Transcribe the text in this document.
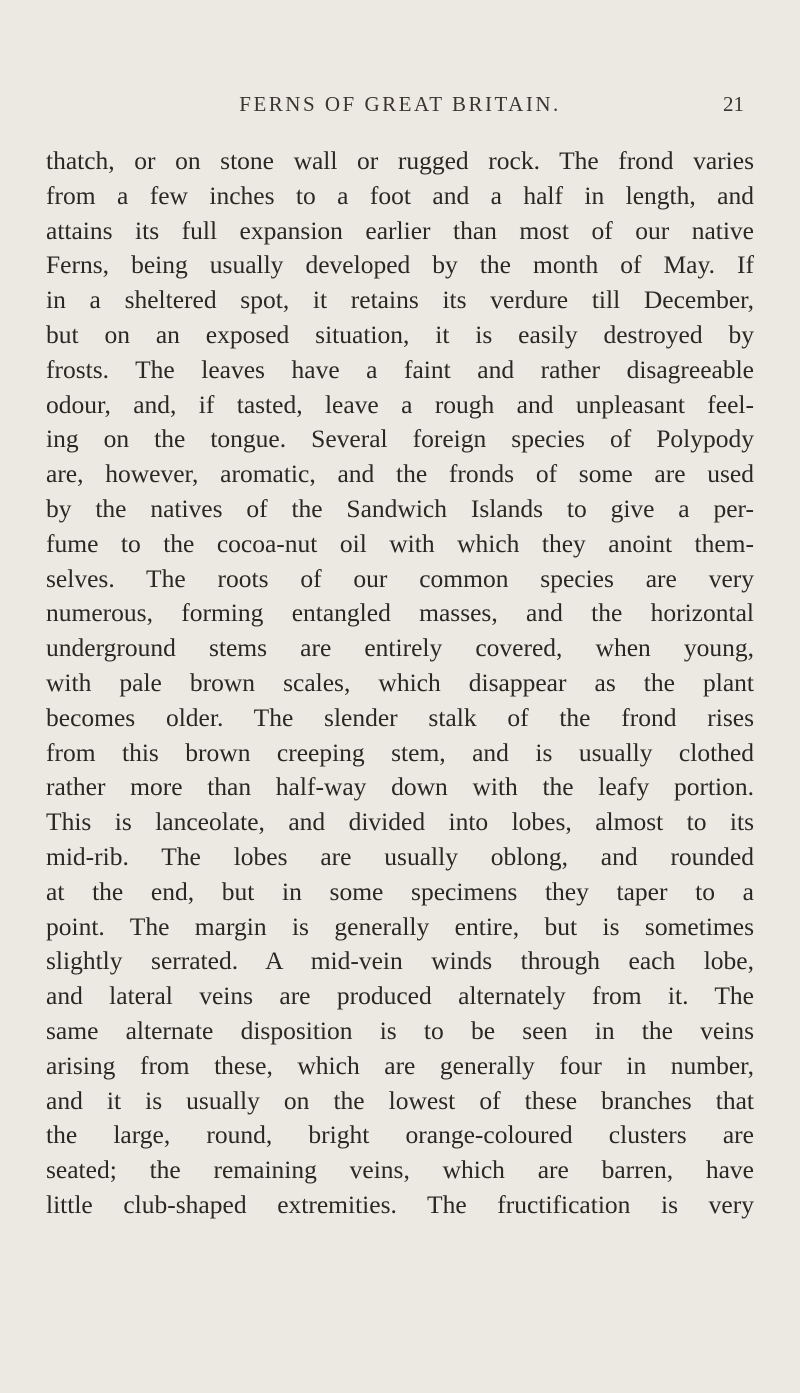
FERNS OF GREAT BRITAIN.	21
thatch, or on stone wall or rugged rock. The frond varies
from a few inches to a foot and a half in length, and
attains its full expansion earlier than most of our native
Ferns, being usually developed by the month of May. If
in a sheltered spot, it retains its verdure till December,
but on an exposed situation, it is easily destroyed by
frosts. The leaves have a faint and rather disagreeable
odour, and, if tasted, leave a rough and unpleasant feel-
ing on the tongue. Several foreign species of Polypody
are, however, aromatic, and the fronds of some are used
by the natives of the Sandwich Islands to give a per-
fume to the cocoa-nut oil with which they anoint them-
selves. The roots of our common species are very
numerous, forming entangled masses, and the horizontal
underground stems are entirely covered, when young,
with pale brown scales, which disappear as the plant
becomes older. The slender stalk of the frond rises
from this brown creeping stem, and is usually clothed
rather more than half-way down with the leafy portion.
This is lanceolate, and divided into lobes, almost to its
mid-rib. The lobes are usually oblong, and rounded
at the end, but in some specimens they taper to a
point. The margin is generally entire, but is sometimes
slightly serrated. A mid-vein winds through each lobe,
and lateral veins are produced alternately from it. The
same alternate disposition is to be seen in the veins
arising from these, which are generally four in number,
and it is usually on the lowest of these branches that
the large, round, bright orange-coloured clusters are
seated; the remaining veins, which are barren, have
little club-shaped extremities. The fructification is very
